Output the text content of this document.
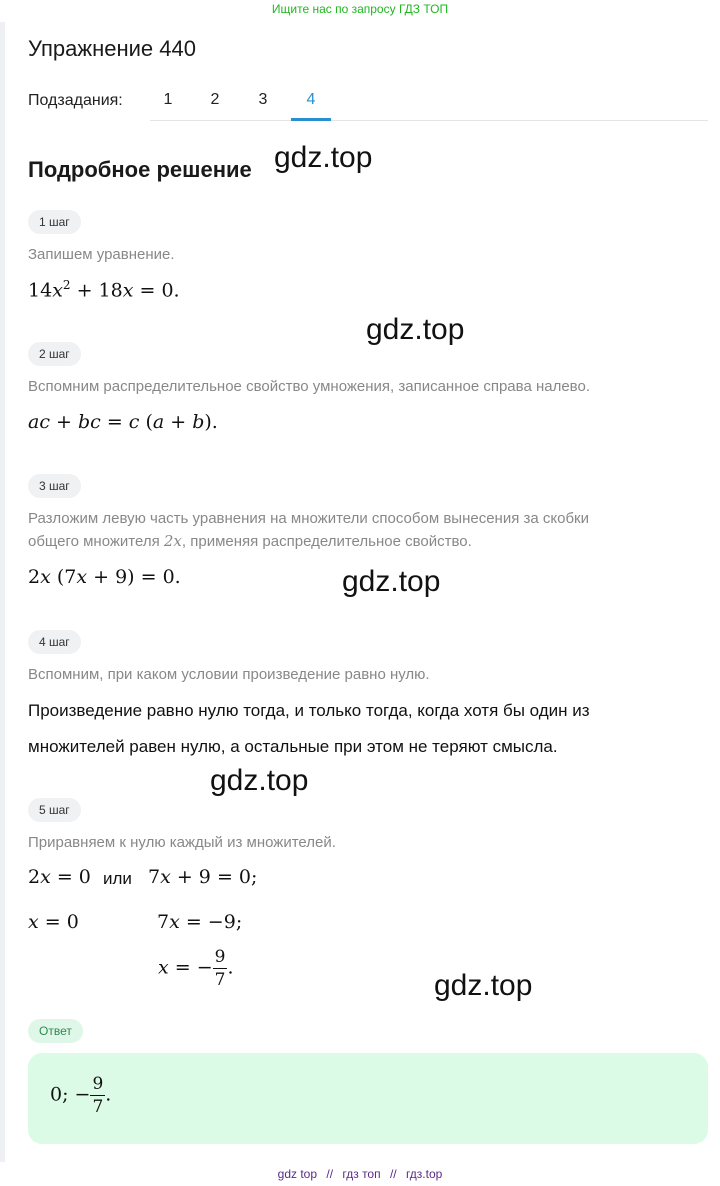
Ищите нас по запросу ГДЗ ТОП
Упражнение 440
Подзадания:	1	2	3	4
Подробное решение gdz.top
gdz.top
gdz.top
gdz.top
gdz.top
1 шаг
Запишем уравнение.
$14x^2 + 18x = 0$.
2 шаг
Вспомним распределительное свойство умножения, записанное справа налево.
ac + bc = c (a + b).
3 шаг
Разложим левую часть уравнения на множители способом вынесения за скобки
общего множителя 2x, применяя распределительное свойство.
2x (7x + 9) = 0.
4 шаг
Вспомним, при каком условии произведение равно нулю.
Произведение равно нулю тогда, и только тогда, когда хотя бы один из множителей равен нулю, а остальные при этом не теряют смысла.
5 шаг
Приравняем к нулю каждый из множителей.
2x = 0 или 7x + 9 = 0;
x = 0	7x = −9;
x = − $\frac{9}{7}$ .
Ответ
0; − $\frac{9}{7}$ .
gdz top // гдз топ // гдз.top
